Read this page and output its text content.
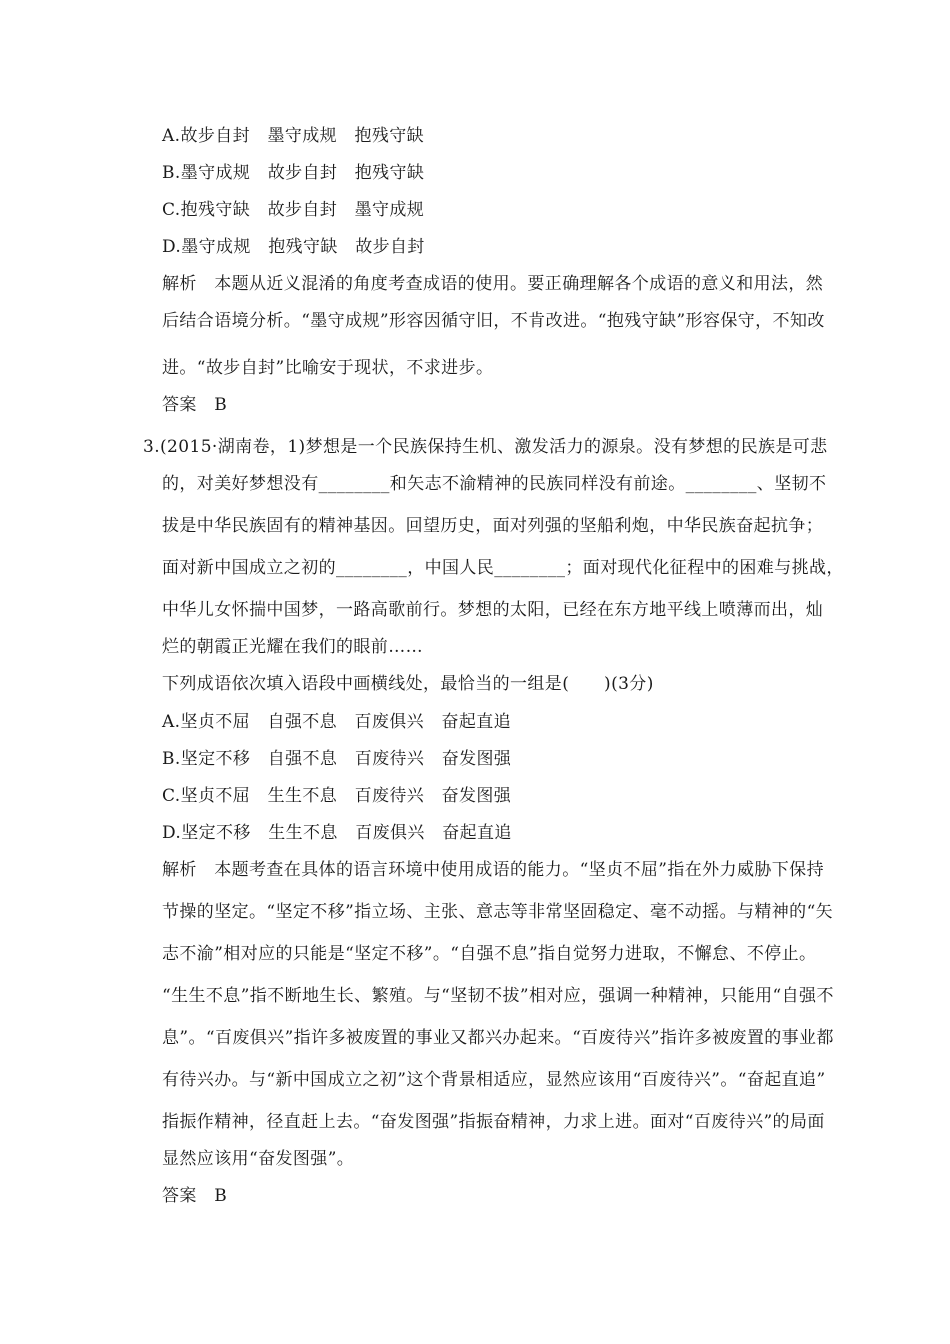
A.故步自封　墨守成规　抱残守缺
B.墨守成规　故步自封　抱残守缺
C.抱残守缺　故步自封　墨守成规
D.墨守成规　抱残守缺　故步自封
解析　本题从近义混淆的角度考查成语的使用。要正确理解各个成语的意义和用法，然
后结合语境分析。“墨守成规”形容因循守旧，不肯改进。“抱残守缺”形容保守，不知改
进。“故步自封”比喻安于现状，不求进步。
答案　B
3.(2015·湖南卷，1)梦想是一个民族保持生机、激发活力的源泉。没有梦想的民族是可悲
的，对美好梦想没有________和矢志不渝精神的民族同样没有前途。________、坚韧不
拔是中华民族固有的精神基因。回望历史，面对列强的坚船利炮，中华民族奋起抗争；
面对新中国成立之初的________，中国人民________；面对现代化征程中的困难与挑战，
中华儿女怀揣中国梦，一路高歌前行。梦想的太阳，已经在东方地平线上喷薄而出，灿
烂的朝霞正光耀在我们的眼前……
下列成语依次填入语段中画横线处，最恰当的一组是(　　)(3分)
A.坚贞不屈　自强不息　百废俱兴　奋起直追
B.坚定不移　自强不息　百废待兴　奋发图强
C.坚贞不屈　生生不息　百废待兴　奋发图强
D.坚定不移　生生不息　百废俱兴　奋起直追
解析　本题考查在具体的语言环境中使用成语的能力。“坚贞不屈”指在外力威胁下保持
节操的坚定。“坚定不移”指立场、主张、意志等非常坚固稳定、毫不动摇。与精神的“矢
志不渝”相对应的只能是“坚定不移”。“自强不息”指自觉努力进取，不懈怠、不停止。
“生生不息”指不断地生长、繁殖。与“坚韧不拔”相对应，强调一种精神，只能用“自强不
息”。“百废俱兴”指许多被废置的事业又都兴办起来。“百废待兴”指许多被废置的事业都
有待兴办。与“新中国成立之初”这个背景相适应，显然应该用“百废待兴”。“奋起直追”
指振作精神，径直赶上去。“奋发图强”指振奋精神，力求上进。面对“百废待兴”的局面
显然应该用“奋发图强”。
答案　B
